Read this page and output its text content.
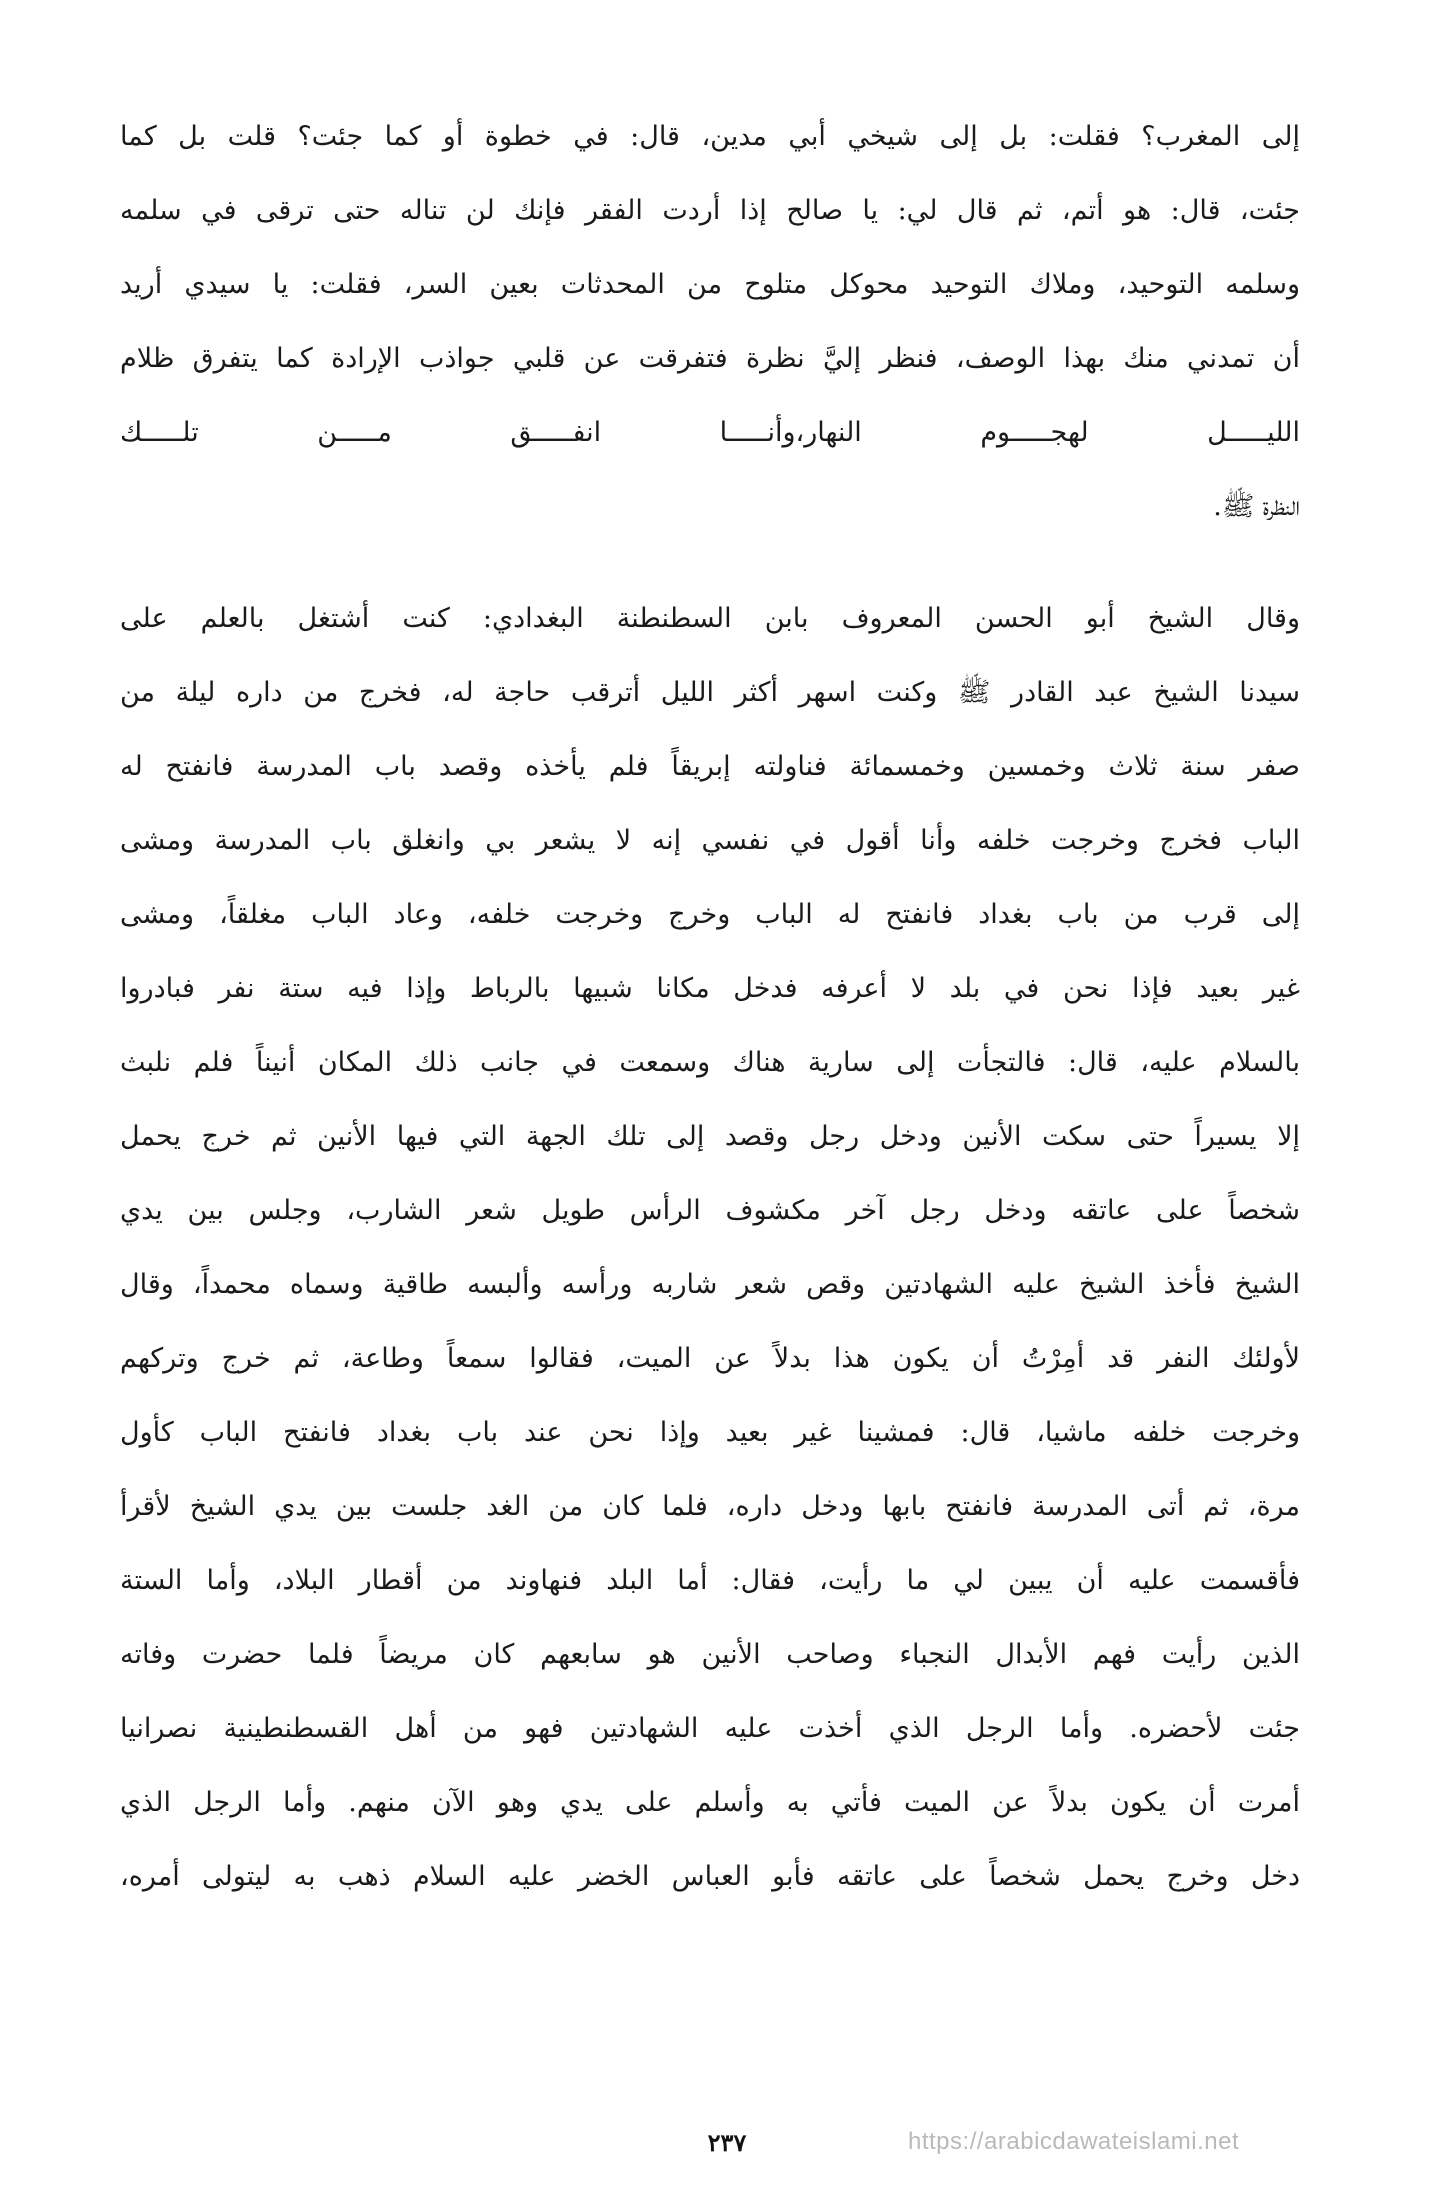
إلى المغرب؟ فقلت: بل إلى شيخي أبي مدين، قال: في خطوة أو كما جئت؟ قلت بل كما
جئت، قال: هو أتم، ثم قال لي: يا صالح إذا أردت الفقر فإنك لن تناله حتى ترقى في سلمه
وسلمه التوحيد، وملاك التوحيد محوكل متلوح من المحدثات بعين السر، فقلت: يا سيدي أريد
أن تمدني منك بهذا الوصف، فنظر إليَّ نظرة فتفرقت عن قلبي جواذب الإرادة كما يتفرق ظلام
الليـــــل لهجـــــوم النهار،وأنـــــا انفـــــق مـــــن تلـــــك
النظرة ﷺ.
وقال الشيخ أبو الحسن المعروف بابن السطنطنة البغدادي: كنت أشتغل بالعلم على
سيدنا الشيخ عبد القادر ﷺ وكنت اسهر أكثر الليل أترقب حاجة له، فخرج من داره ليلة من
صفر سنة ثلاث وخمسين وخمسمائة فناولته إبريقاً فلم يأخذه وقصد باب المدرسة فانفتح له
الباب فخرج وخرجت خلفه وأنا أقول في نفسي إنه لا يشعر بي وانغلق باب المدرسة ومشى
إلى قرب من باب بغداد فانفتح له الباب وخرج وخرجت خلفه، وعاد الباب مغلقاً، ومشى
غير بعيد فإذا نحن في بلد لا أعرفه فدخل مكانا شبيها بالرباط وإذا فيه ستة نفر فبادروا
بالسلام عليه، قال: فالتجأت إلى سارية هناك وسمعت في جانب ذلك المكان أنيناً فلم نلبث
إلا يسيراً حتى سكت الأنين ودخل رجل وقصد إلى تلك الجهة التي فيها الأنين ثم خرج يحمل
شخصاً على عاتقه ودخل رجل آخر مكشوف الرأس طويل شعر الشارب، وجلس بين يدي
الشيخ فأخذ الشيخ عليه الشهادتين وقص شعر شاربه ورأسه وألبسه طاقية وسماه محمداً، وقال
لأولئك النفر قد أمِرْتُ أن يكون هذا بدلاً عن الميت، فقالوا سمعاً وطاعة، ثم خرج وتركهم
وخرجت خلفه ماشيا، قال: فمشينا غير بعيد وإذا نحن عند باب بغداد فانفتح الباب كأول
مرة، ثم أتى المدرسة فانفتح بابها ودخل داره، فلما كان من الغد جلست بين يدي الشيخ لأقرأ
فأقسمت عليه أن يبين لي ما رأيت، فقال: أما البلد فنهاوند من أقطار البلاد، وأما الستة
الذين رأيت فهم الأبدال النجباء وصاحب الأنين هو سابعهم كان مريضاً فلما حضرت وفاته
جئت لأحضره. وأما الرجل الذي أخذت عليه الشهادتين فهو من أهل القسطنطينية نصرانيا
أمرت أن يكون بدلاً عن الميت فأتي به وأسلم على يدي وهو الآن منهم. وأما الرجل الذي
دخل وخرج يحمل شخصاً على عاتقه فأبو العباس الخضر عليه السلام ذهب به ليتولى أمره،
٢٣٧	https://arabicdawateislami.net
